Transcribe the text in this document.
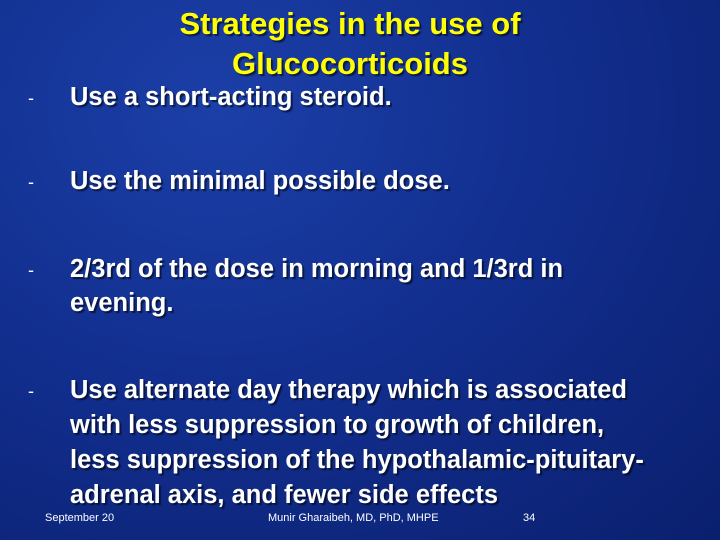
Strategies in the use of Glucocorticoids
- Use a short-acting steroid.
- Use the minimal possible dose.
- 2/3rd of the dose in morning and 1/3rd in evening.
- Use alternate day therapy which is associated with less suppression to growth of children, less suppression of the hypothalamic-pituitary-adrenal axis, and fewer side effects
September 20	Munir Gharaibeh, MD, PhD, MHPE	34
